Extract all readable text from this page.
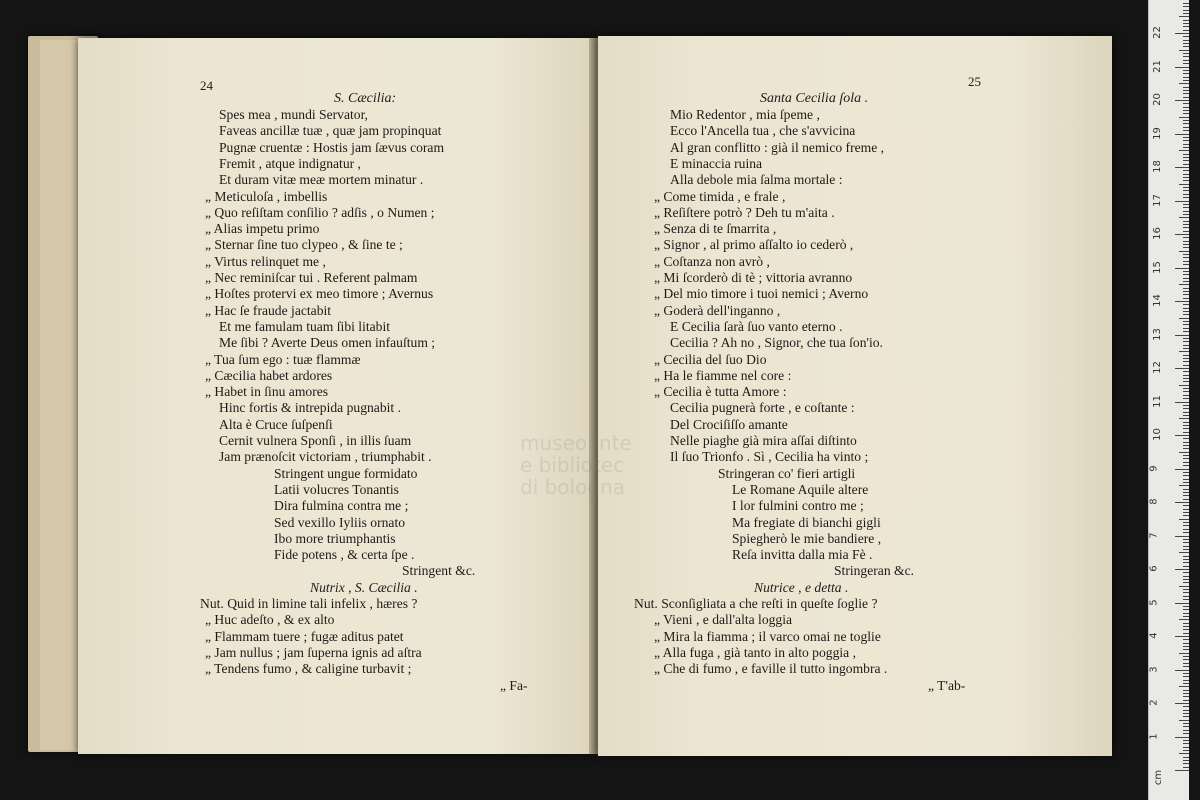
24
S. Cæcilia:
Spes mea , mundi Servator,
Faveas ancillæ tuæ , quæ jam propinquat
Pugnæ cruentæ : Hostis jam ſævus coram
Fremit , atque indignatur ,
Et duram vitæ meæ mortem minatur .
„ Meticuloſa , imbellis
„ Quo reſiſtam conſilio ? adſis , o Numen ;
„ Alias impetu primo
„ Sternar ſine tuo clypeo , & ſine te ;
„ Virtus relinquet me ,
„ Nec reminiſcar tui . Referent palmam
„ Hoſtes protervi ex meo timore ; Avernus
„ Hac ſe fraude jactabit
Et me famulam tuam ſibi litabit
Me ſibi ? Averte Deus omen infauſtum ;
„ Tua ſum ego : tuæ flammæ
„ Cæcilia habet ardores
„ Habet in ſinu amores
Hinc fortis & intrepida pugnabit .
Alta è Cruce ſuſpenſi
Cernit vulnera Sponſi , in illis ſuam
Jam prænoſcit victoriam , triumphabit .
Stringent ungue formidato
Latii volucres Tonantis
Dira fulmina contra me ;
Sed vexillo Iyliis ornato
Ibo more triumphantis
Fide potens , & certa ſpe .
Stringent &c.
Nutrix , S. Cæcilia .
Nut. Quid in limine tali infelix , hæres ?
„ Huc adeſto , & ex alto
„ Flammam tuere ; fugæ aditus patet
„ Jam nullus ; jam ſuperna ignis ad aſtra
„ Tendens fumo , & caligine turbavit ;
„ Fa-
25
Santa Cecilia ſola .
Mio Redentor , mia ſpeme ,
Ecco l'Ancella tua , che s'avvicina
Al gran conflitto : già il nemico freme ,
E minaccia ruina
Alla debole mia ſalma mortale :
„ Come timida , e frale ,
„ Reſiſtere potrò ? Deh tu m'aita .
„ Senza di te ſmarrita ,
„ Signor , al primo aſſalto io cederò ,
„ Coſtanza non avrò ,
„ Mi ſcorderò di tè ; vittoria avranno
„ Del mio timore i tuoi nemici ; Averno
„ Goderà dell'inganno ,
E Cecilia ſarà ſuo vanto eterno .
Cecilia ? Ah no , Signor, che tua ſon'io.
„ Cecilia del ſuo Dio
„ Ha le fiamme nel core :
„ Cecilia è tutta Amore :
Cecilia pugnerà forte , e coſtante :
Del Crociſiſſo amante
Nelle piaghe già mira aſſai diſtinto
Il ſuo Trionfo . Sì , Cecilia ha vinto ;
Stringeran co' fieri artigli
Le Romane Aquile altere
I lor fulmini contro me ;
Ma fregiate di bianchi gigli
Spiegherò le mie bandiere ,
Reſa invitta dalla mia Fè .
Stringeran &c.
Nutrice , e detta .
Nut. Sconſigliata a che reſti in queſte ſoglie ?
„ Vieni , e dall'alta loggia
„ Mira la fiamma ; il varco omai ne toglie
„ Alla fuga , già tanto in alto poggia ,
„ Che di fumo , e faville il tutto ingombra .
„ T'ab-
museo inte
e bibliotec
di bologna
1
2
3
4
5
6
7
8
9
10
11
12
13
14
15
16
17
18
19
20
21
22
cm
